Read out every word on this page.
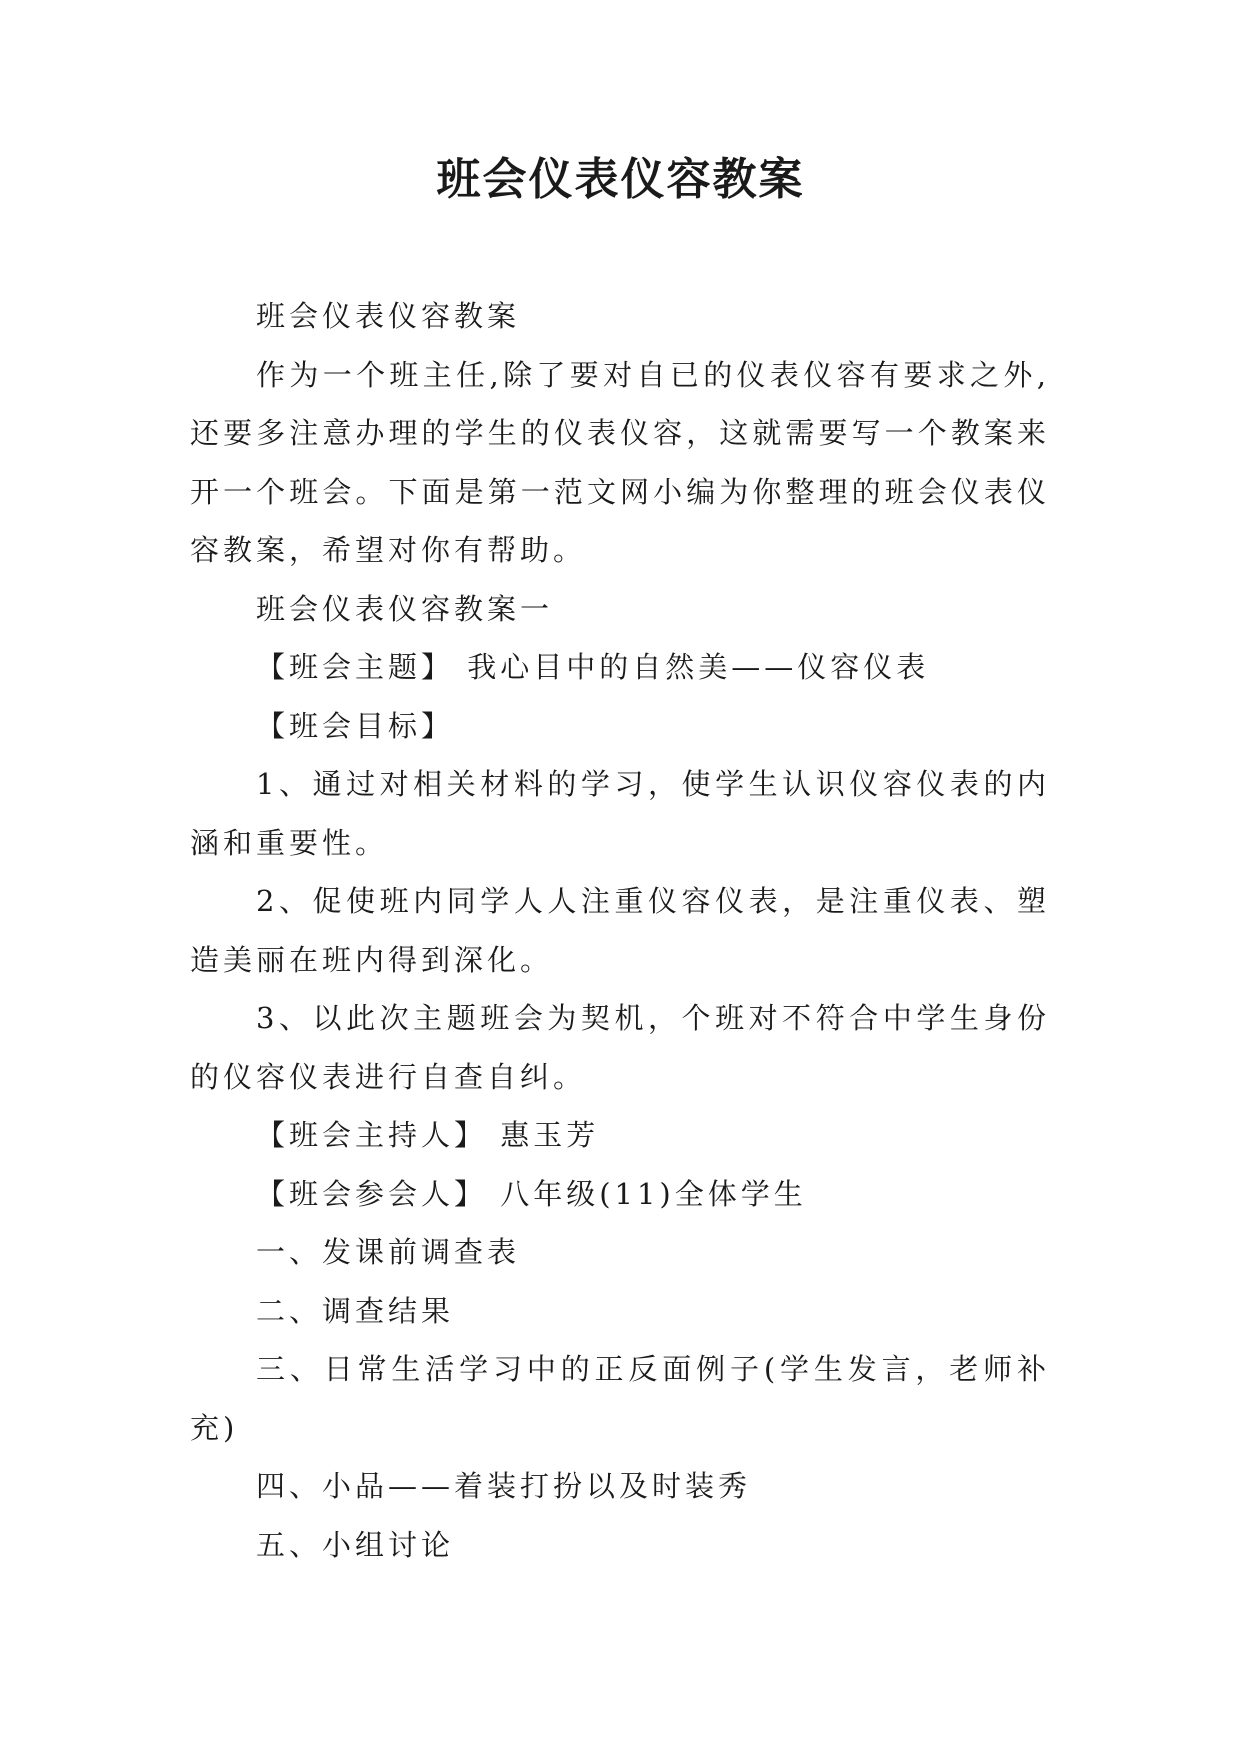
班会仪表仪容教案

班会仪表仪容教案

作为一个班主任,除了要对自已的仪表仪容有要求之外,还要多注意办理的学生的仪表仪容，这就需要写一个教案来开一个班会。下面是第一范文网小编为你整理的班会仪表仪容教案，希望对你有帮助。

班会仪表仪容教案一

【班会主题】 我心目中的自然美——仪容仪表

【班会目标】

1、通过对相关材料的学习，使学生认识仪容仪表的内涵和重要性。

2、促使班内同学人人注重仪容仪表，是注重仪表、塑造美丽在班内得到深化。

3、以此次主题班会为契机，个班对不符合中学生身份的仪容仪表进行自查自纠。

【班会主持人】 惠玉芳

【班会参会人】 八年级(11)全体学生

一、发课前调查表

二、调查结果

三、日常生活学习中的正反面例子(学生发言，老师补充)

四、小品——着装打扮以及时装秀

五、小组讨论
